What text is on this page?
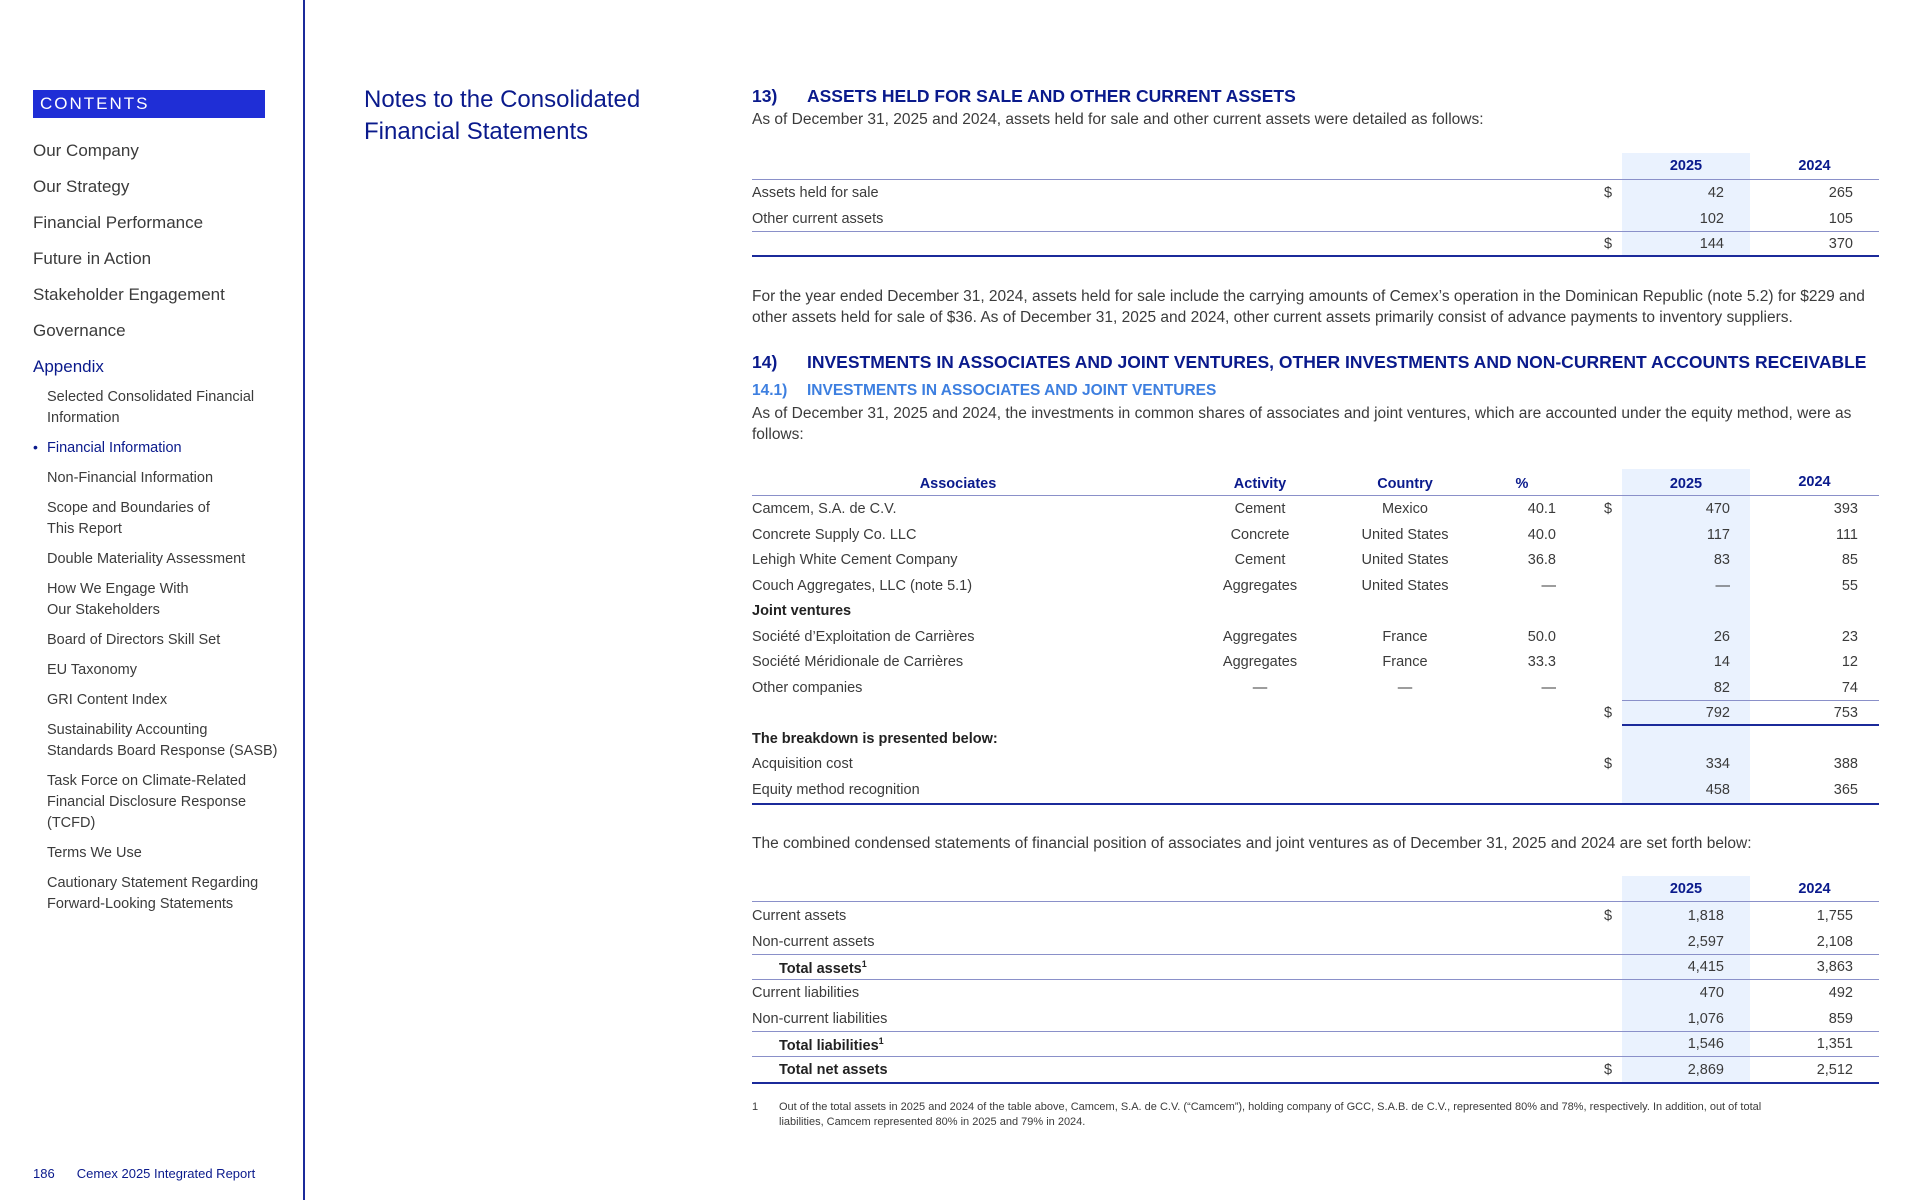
CONTENTS
Our Company
Our Strategy
Financial Performance
Future in Action
Stakeholder Engagement
Governance
Appendix
Selected Consolidated Financial
Information
• Financial Information
Non-Financial Information
Scope and Boundaries of
This Report
Double Materiality Assessment
How We Engage With
Our Stakeholders
Board of Directors Skill Set
EU Taxonomy
GRI Content Index
Sustainability Accounting
Standards Board Response (SASB)
Task Force on Climate-Related
Financial Disclosure Response
(TCFD)
Terms We Use
Cautionary Statement Regarding
Forward-Looking Statements
186 Cemex 2025 Integrated Report
Notes to the Consolidated
Financial Statements
13) ASSETS HELD FOR SALE AND OTHER CURRENT ASSETS
As of December 31, 2025 and 2024, assets held for sale and other current assets were detailed as follows:
2025	2024
Assets held for sale	$	42	265
Other current assets	102	105
$	144	370
For the year ended December 31, 2024, assets held for sale include the carrying amounts of Cemex’s operation in the Dominican Republic (note 5.2) for $229 and other assets held for sale of $36. As of December 31, 2025 and 2024, other current assets primarily consist of advance payments to inventory suppliers.
14) INVESTMENTS IN ASSOCIATES AND JOINT VENTURES, OTHER INVESTMENTS AND NON-CURRENT ACCOUNTS RECEIVABLE
14.1) INVESTMENTS IN ASSOCIATES AND JOINT VENTURES
As of December 31, 2025 and 2024, the investments in common shares of associates and joint ventures, which are accounted under the equity method, were as follows:
Associates	Activity	Country	%	2025	2024
Camcem, S.A. de C.V.	Cement	Mexico	40.1	$	470	393
Concrete Supply Co. LLC	Concrete	United States	40.0	117	111
Lehigh White Cement Company	Cement	United States	36.8	83	85
Couch Aggregates, LLC (note 5.1)	Aggregates	United States	—	—	55
Joint ventures
Société d’Exploitation de Carrières	Aggregates	France	50.0	26	23
Société Méridionale de Carrières	Aggregates	France	33.3	14	12
Other companies	—	—	—	82	74
$	792	753
The breakdown is presented below:
Acquisition cost	$	334	388
Equity method recognition	458	365
The combined condensed statements of financial position of associates and joint ventures as of December 31, 2025 and 2024 are set forth below:
2025	2024
Current assets	$	1,818	1,755
Non-current assets	2,597	2,108
Total assets$^1$	4,415	3,863
Current liabilities	470	492
Non-current liabilities	1,076	859
Total liabilities$^1$	1,546	1,351
Total net assets	$	2,869	2,512
1 Out of the total assets in 2025 and 2024 of the table above, Camcem, S.A. de C.V. (“Camcem”), holding company of GCC, S.A.B. de C.V., represented 80% and 78%, respectively. In addition, out of total
liabilities, Camcem represented 80% in 2025 and 79% in 2024.
